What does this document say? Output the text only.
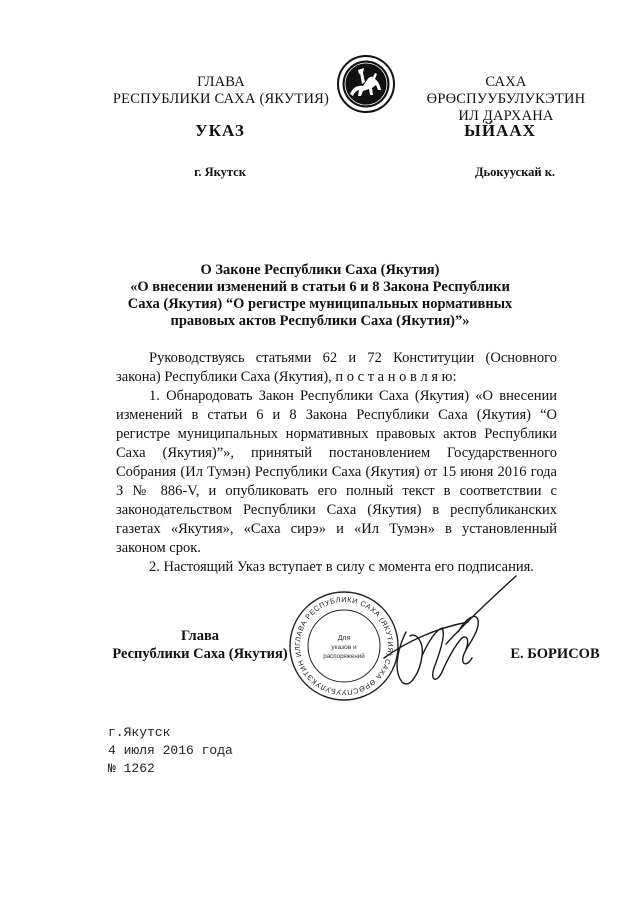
ГЛАВА
РЕСПУБЛИКИ САХА (ЯКУТИЯ)
САХА ӨРӨСПУУБУЛУКЭТИН
ИЛ ДАРХАНА
УКАЗ	ЫЙААХ
г. Якутск	Дьокуускай к.
О Законе Республики Саха (Якутия)
«О внесении изменений в статьи 6 и 8 Закона Республики
Саха (Якутия) “О регистре муниципальных нормативных
правовых актов Республики Саха (Якутия)”»

Руководствуясь статьями 62 и 72 Конституции (Основного закона) Республики Саха (Якутия), п о с т а н о в л я ю:

1. Обнародовать Закон Республики Саха (Якутия) «О внесении изменений в статьи 6 и 8 Закона Республики Саха (Якутия) “О регистре муниципальных нормативных правовых актов Республики Саха (Якутия)”», принятый постановлением Государственного Собрания (Ил Тумэн) Республики Саха (Якутия) от 15 июня 2016 года З № 886-V, и опубликовать его полный текст в соответствии с законодательством Республики Саха (Якутия) в республиканских газетах «Якутия», «Саха сирэ» и «Ил Тумэн» в установленный законом срок.

2. Настоящий Указ вступает в силу с момента его подписания.

ГЛАВА РЕСПУБЛИКИ САХА (ЯКУТИЯ) САХА ӨРӨСПУУБУЛУКЭТИН ИЛ
Для
указов и
распоряжений
Глава
Республики Саха (Якутия)	Е. БОРИСОВ
г.Якутск
4 июля 2016 года
№ 1262
